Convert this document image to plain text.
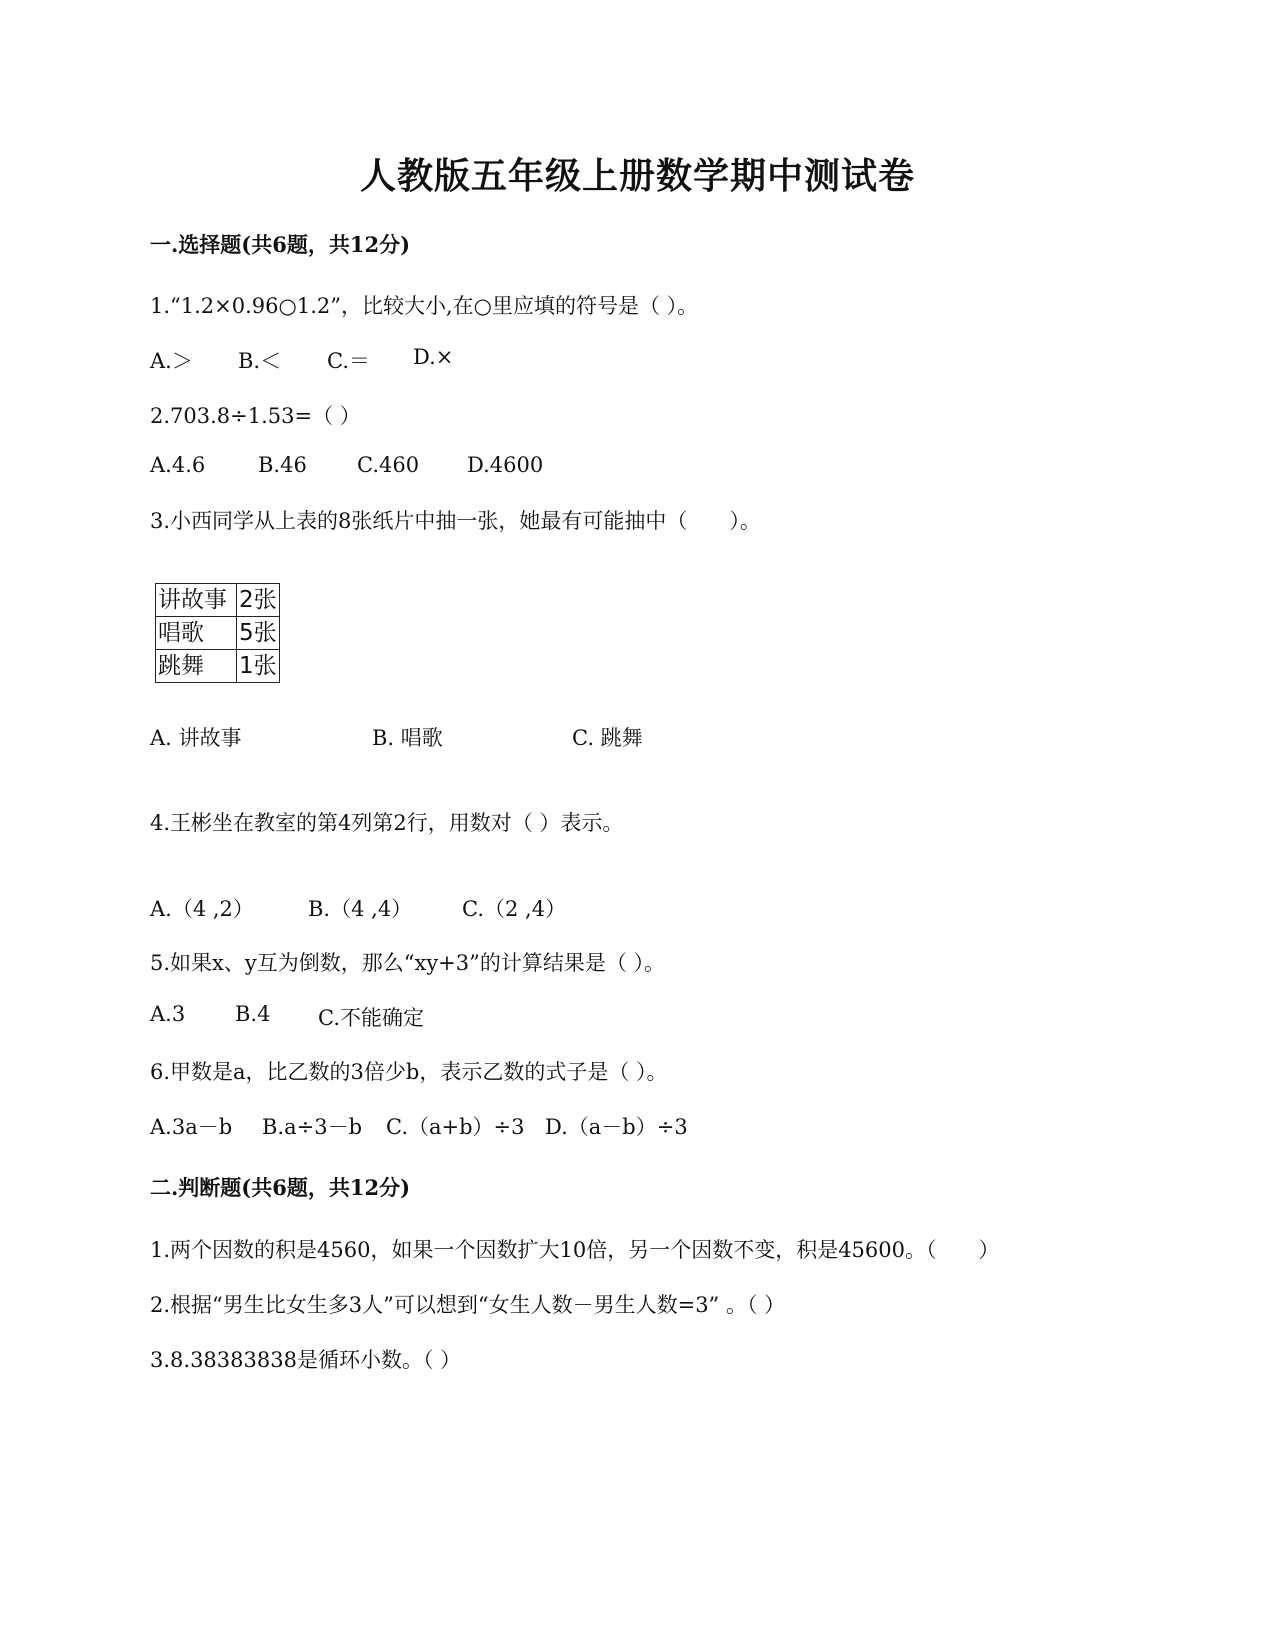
人教版五年级上册数学期中测试卷
一.选择题(共6题，共12分)
1.“1.2×0.96○1.2”，比较大小,在○里应填的符号是（ ）。
A.＞ B.＜ C.＝ D.×
2.703.8÷1.53=（ ）
A.4.6	B.46 C.460 D.4600
3.小西同学从上表的8张纸片中抽一张，她最有可能抽中（　　）。
讲故事	2张
唱歌	5张
跳舞	1张
A. 讲故事	B. 唱歌	C. 跳舞
4.王彬坐在教室的第4列第2行，用数对（ ）表示。
A.（4 ,2）	B.（4 ,4） C.（2 ,4）
5.如果x、y互为倒数，那么“xy+3”的计算结果是（ ）。
A.3 B.4 C.不能确定
6.甲数是a，比乙数的3倍少b，表示乙数的式子是（ ）。
A.3a－b B.a÷3－b C.（a+b）÷3 D.（a－b）÷3
二.判断题(共6题，共12分)
1.两个因数的积是4560，如果一个因数扩大10倍，另一个因数不变，积是45600。（　　）
2.根据“男生比女生多3人”可以想到“女生人数－男生人数=3” 。（ ）
3.8.38383838是循环小数。（ ）
